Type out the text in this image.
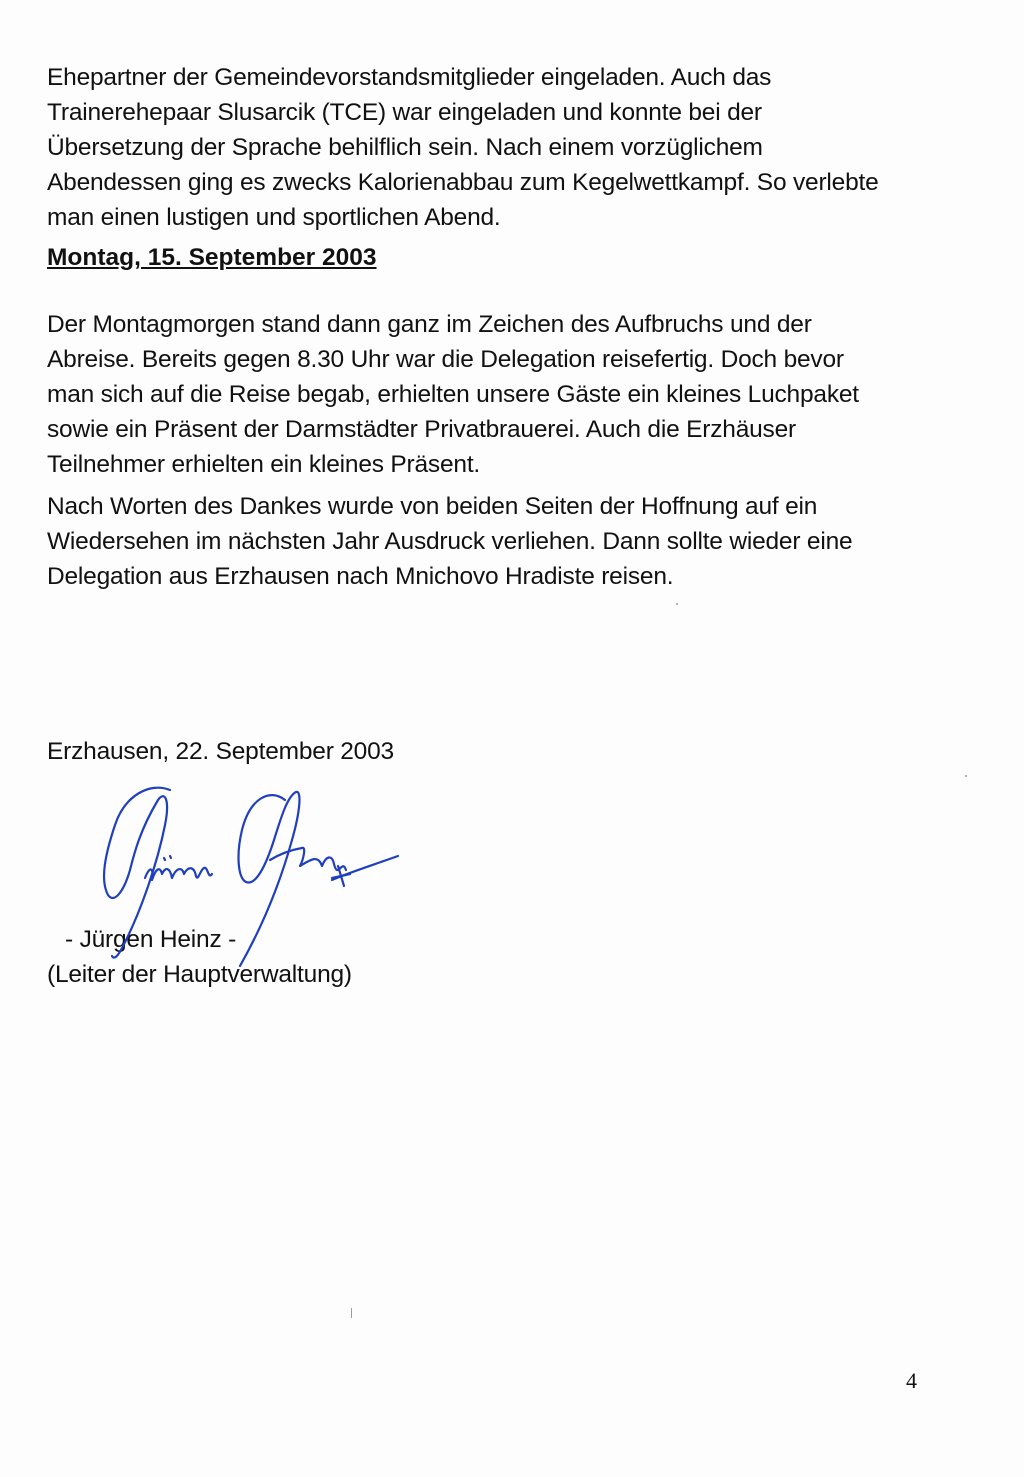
Ehepartner der Gemeindevorstandsmitglieder eingeladen. Auch das
Trainerehepaar Slusarcik (TCE) war eingeladen und konnte bei der
Übersetzung der Sprache behilflich sein. Nach einem vorzüglichem
Abendessen ging es zwecks Kalorienabbau zum Kegelwettkampf. So verlebte
man einen lustigen und sportlichen Abend.
Montag, 15. September 2003
Der Montagmorgen stand dann ganz im Zeichen des Aufbruchs und der
Abreise. Bereits gegen 8.30 Uhr war die Delegation reisefertig. Doch bevor
man sich auf die Reise begab, erhielten unsere Gäste ein kleines Luchpaket
sowie ein Präsent der Darmstädter Privatbrauerei. Auch die Erzhäuser
Teilnehmer erhielten ein kleines Präsent.
Nach Worten des Dankes wurde von beiden Seiten der Hoffnung auf ein
Wiedersehen im nächsten Jahr Ausdruck verliehen. Dann sollte wieder eine
Delegation aus Erzhausen nach Mnichovo Hradiste reisen.
Erzhausen, 22. September 2003
- Jürgen Heinz -
(Leiter der Hauptverwaltung)
4
